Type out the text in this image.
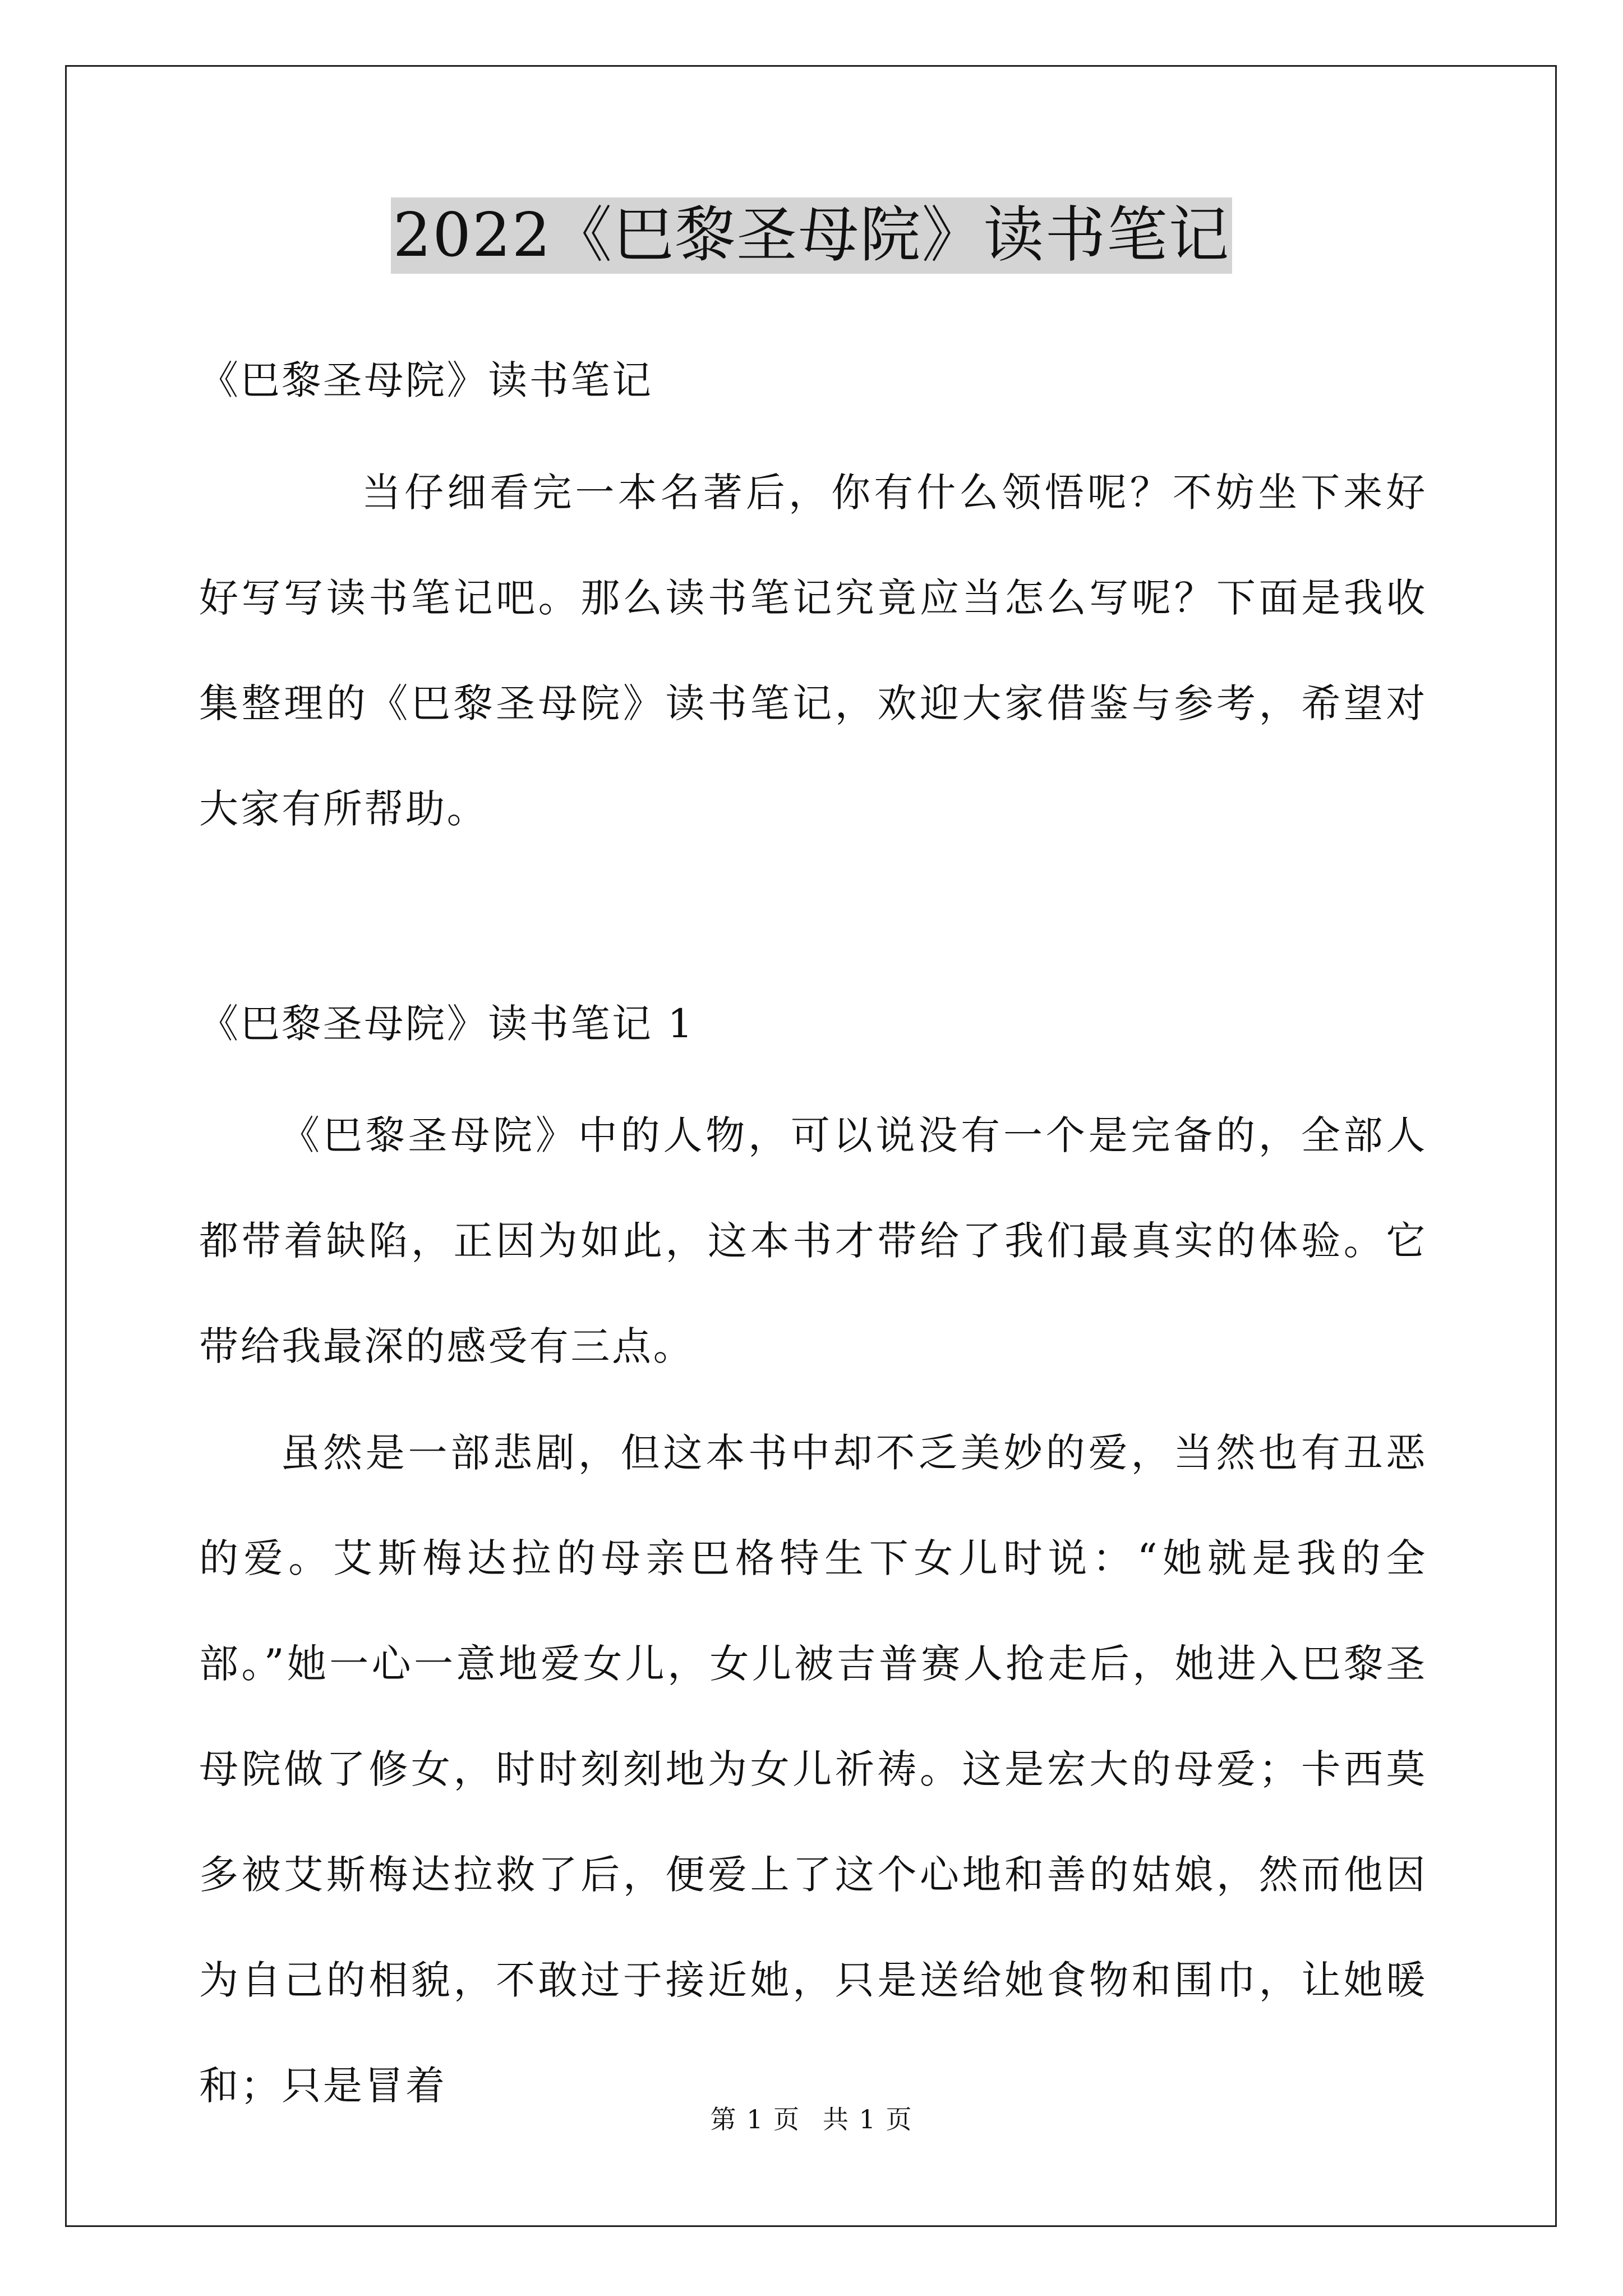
2022《巴黎圣母院》读书笔记
《巴黎圣母院》读书笔记
当仔细看完一本名著后，你有什么领悟呢？不妨坐下来好好写写读书笔记吧。那么读书笔记究竟应当怎么写呢？下面是我收集整理的《巴黎圣母院》读书笔记，欢迎大家借鉴与参考，希望对大家有所帮助。
《巴黎圣母院》读书笔记 1
《巴黎圣母院》中的人物，可以说没有一个是完备的，全部人都带着缺陷，正因为如此，这本书才带给了我们最真实的体验。它带给我最深的感受有三点。
虽然是一部悲剧，但这本书中却不乏美妙的爱，当然也有丑恶的爱。艾斯梅达拉的母亲巴格特生下女儿时说：“她就是我的全部。”她一心一意地爱女儿，女儿被吉普赛人抢走后，她进入巴黎圣母院做了修女，时时刻刻地为女儿祈祷。这是宏大的母爱；卡西莫多被艾斯梅达拉救了后，便爱上了这个心地和善的姑娘，然而他因为自己的相貌，不敢过于接近她，只是送给她食物和围巾，让她暖和；只是冒着
第 1 页 共 1 页
